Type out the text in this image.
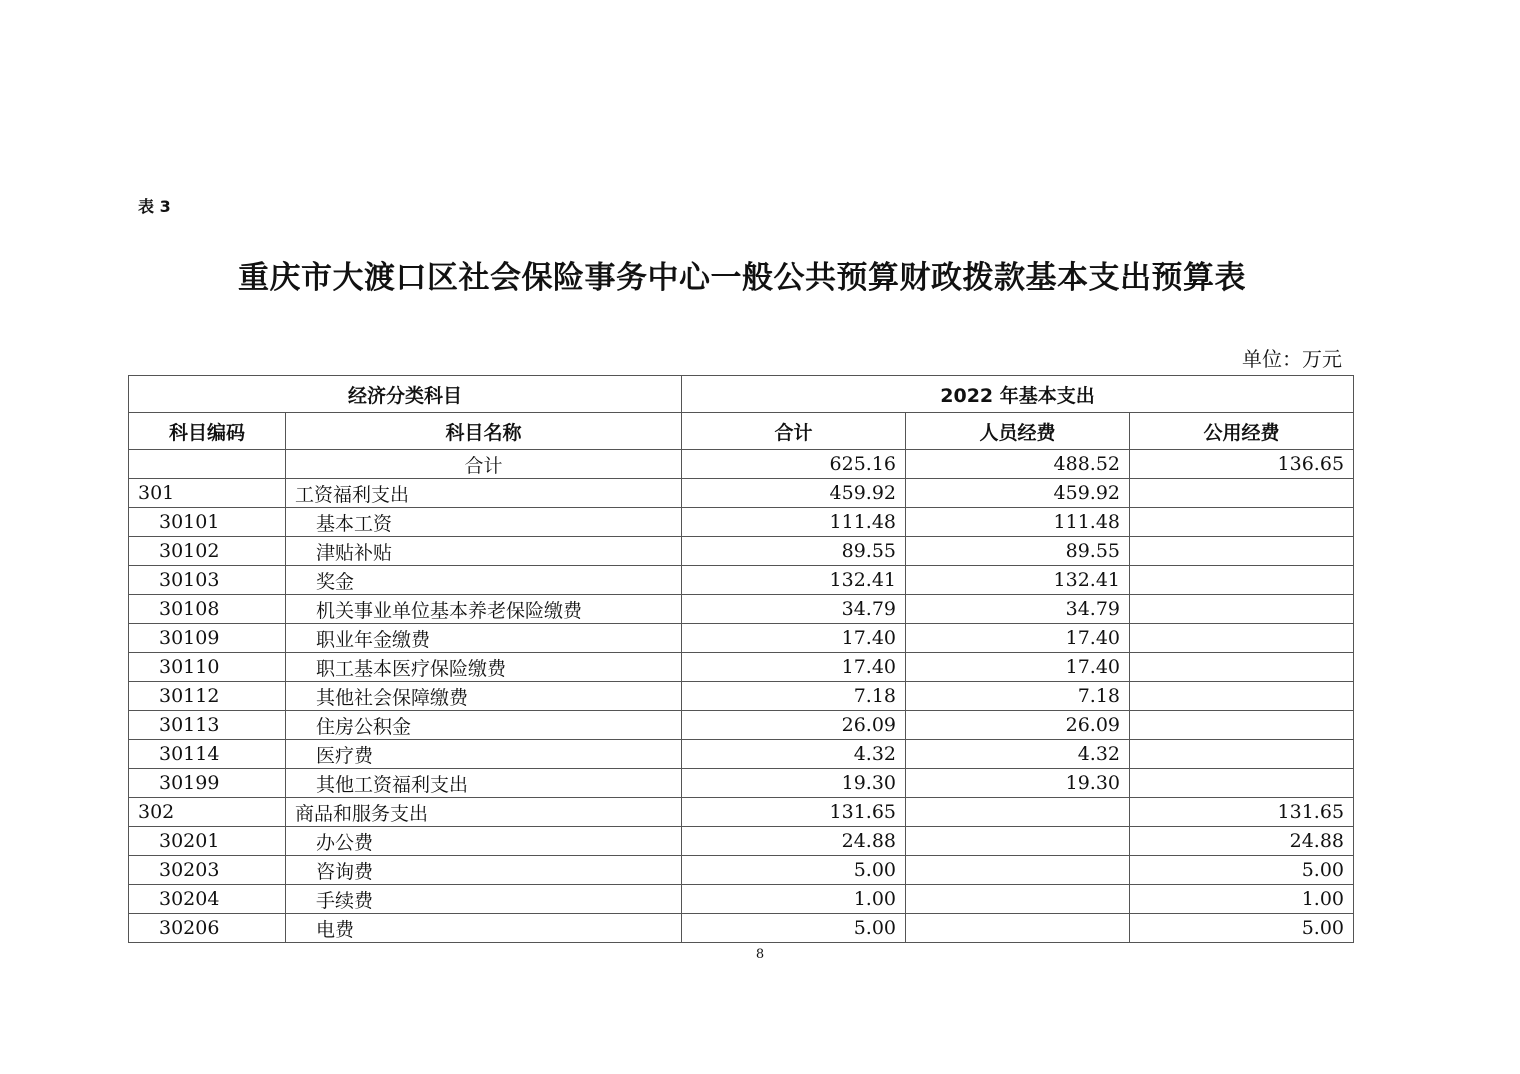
表 3
重庆市大渡口区社会保险事务中心一般公共预算财政拨款基本支出预算表
单位：万元
经济分类科目		2022 年基本支出		
科目编码	科目名称	合计	人员经费	公用经费
	合计	625.16	488.52	136.65
301	工资福利支出	459.92	459.92	
30101	基本工资	111.48	111.48	
30102	津贴补贴	89.55	89.55	
30103	奖金	132.41	132.41	
30108	机关事业单位基本养老保险缴费	34.79	34.79	
30109	职业年金缴费	17.40	17.40	
30110	职工基本医疗保险缴费	17.40	17.40	
30112	其他社会保障缴费	7.18	7.18	
30113	住房公积金	26.09	26.09	
30114	医疗费	4.32	4.32	
30199	其他工资福利支出	19.30	19.30	
302	商品和服务支出	131.65		131.65
30201	办公费	24.88		24.88
30203	咨询费	5.00		5.00
30204	手续费	1.00		1.00
30206	电费	5.00		5.00
8
